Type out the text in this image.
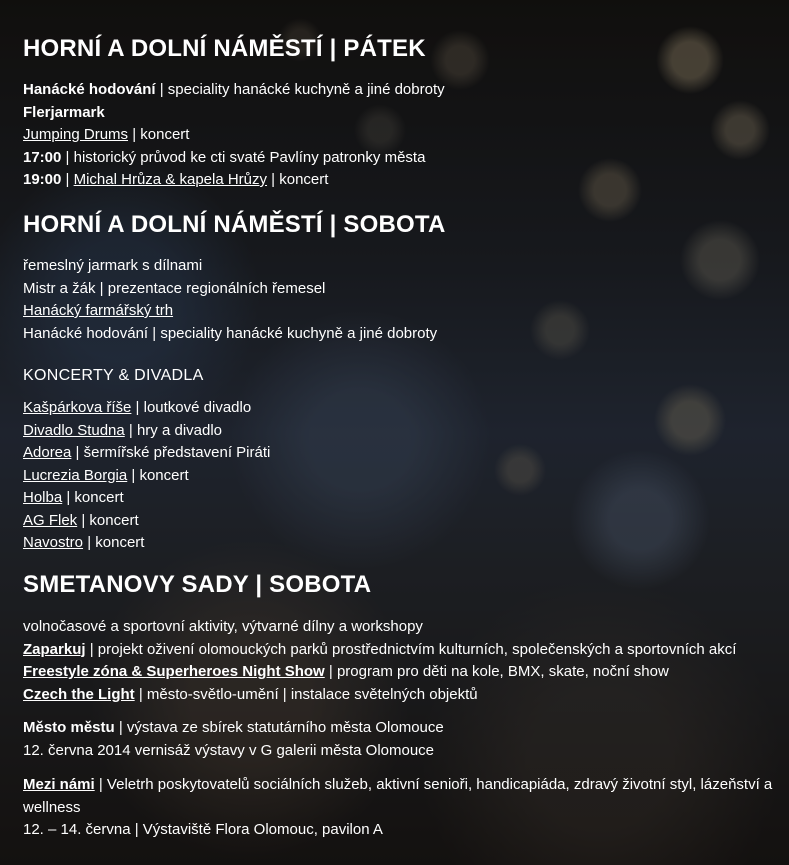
HORNÍ A DOLNÍ NÁMĚSTÍ | PÁTEK
Hanácké hodování | speciality hanácké kuchyně a jiné dobroty
Flerjarmark
Jumping Drums | koncert
17:00 | historický průvod ke cti svaté Pavlíny patronky města
19:00 | Michal Hrůza & kapela Hrůzy | koncert
HORNÍ A DOLNÍ NÁMĚSTÍ | SOBOTA
řemeslný jarmark s dílnami
Mistr a žák | prezentace regionálních řemesel
Hanácký farmářský trh
Hanácké hodování | speciality hanácké kuchyně a jiné dobroty
KONCERTY & DIVADLA
Kašpárkova říše | loutkové divadlo
Divadlo Studna | hry a divadlo
Adorea | šermířské představení Piráti
Lucrezia Borgia | koncert
Holba | koncert
AG Flek | koncert
Navostro | koncert
SMETANOVY SADY | SOBOTA
volnočasové a sportovní aktivity, výtvarné dílny a workshopy
Zaparkuj | projekt oživení olomouckých parků prostřednictvím kulturních, společenských a sportovních akcí
Freestyle zóna & Superheroes Night Show | program pro děti na kole, BMX, skate, noční show
Czech the Light | město-světlo-umění | instalace světelných objektů
Město městu | výstava ze sbírek statutárního města Olomouce
12. června 2014 vernisáž výstavy v G galerii města Olomouce
Mezi námi | Veletrh poskytovatelů sociálních služeb, aktivní senioři, handicapiáda, zdravý životní styl, lázeňství a wellness
12. – 14. června | Výstaviště Flora Olomouc, pavilon A
